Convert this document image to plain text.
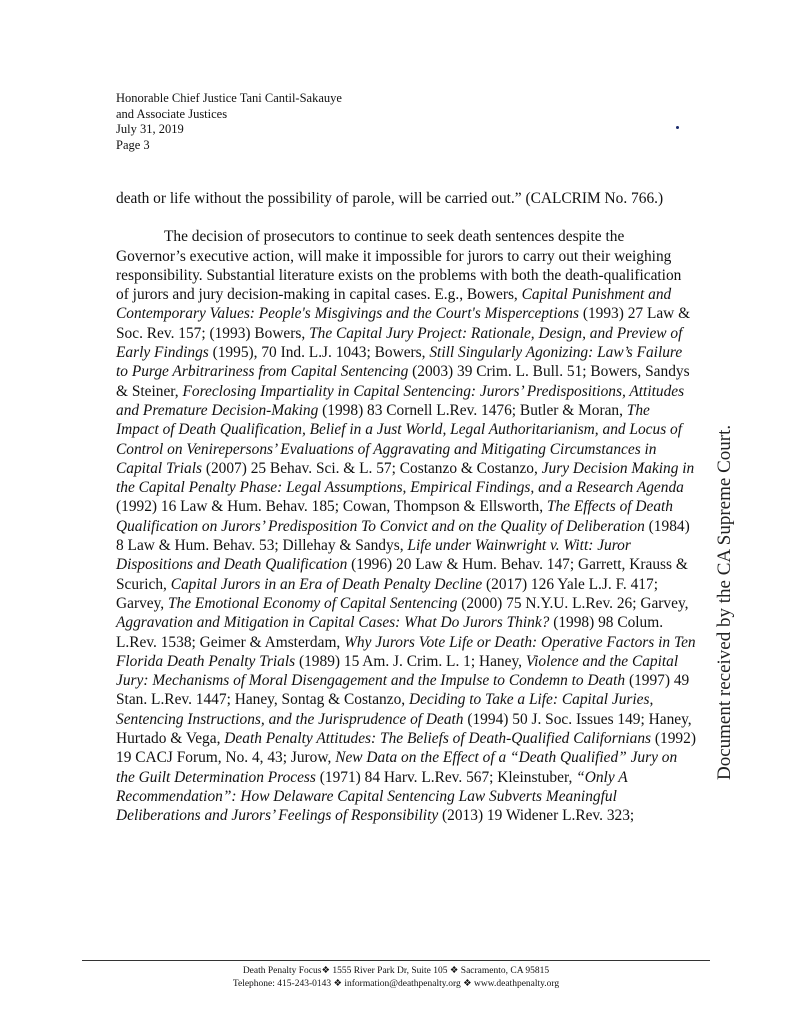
Honorable Chief Justice Tani Cantil-Sakauye
and Associate Justices
July 31, 2019
Page 3

death or life without the possibility of parole, will be carried out.” (CALCRIM No. 766.)

The decision of prosecutors to continue to seek death sentences despite the Governor’s executive action, will make it impossible for jurors to carry out their weighing responsibility. Substantial literature exists on the problems with both the death-qualification of jurors and jury decision-making in capital cases. E.g., Bowers, Capital Punishment and Contemporary Values: People's Misgivings and the Court's Misperceptions (1993) 27 Law & Soc. Rev. 157; (1993) Bowers, The Capital Jury Project: Rationale, Design, and Preview of Early Findings (1995), 70 Ind. L.J. 1043; Bowers, Still Singularly Agonizing: Law’s Failure to Purge Arbitrariness from Capital Sentencing (2003) 39 Crim. L. Bull. 51; Bowers, Sandys & Steiner, Foreclosing Impartiality in Capital Sentencing: Jurors’ Predispositions, Attitudes and Premature Decision-Making (1998) 83 Cornell L.Rev. 1476; Butler & Moran, The Impact of Death Qualification, Belief in a Just World, Legal Authoritarianism, and Locus of Control on Venirepersons’ Evaluations of Aggravating and Mitigating Circumstances in Capital Trials (2007) 25 Behav. Sci. & L. 57; Costanzo & Costanzo, Jury Decision Making in the Capital Penalty Phase: Legal Assumptions, Empirical Findings, and a Research Agenda (1992) 16 Law & Hum. Behav. 185; Cowan, Thompson & Ellsworth, The Effects of Death Qualification on Jurors’ Predisposition To Convict and on the Quality of Deliberation (1984) 8 Law & Hum. Behav. 53; Dillehay & Sandys, Life under Wainwright v. Witt: Juror Dispositions and Death Qualification (1996) 20 Law & Hum. Behav. 147; Garrett, Krauss & Scurich, Capital Jurors in an Era of Death Penalty Decline (2017) 126 Yale L.J. F. 417; Garvey, The Emotional Economy of Capital Sentencing (2000) 75 N.Y.U. L.Rev. 26; Garvey, Aggravation and Mitigation in Capital Cases: What Do Jurors Think? (1998) 98 Colum. L.Rev. 1538; Geimer & Amsterdam, Why Jurors Vote Life or Death: Operative Factors in Ten Florida Death Penalty Trials (1989) 15 Am. J. Crim. L. 1; Haney, Violence and the Capital Jury: Mechanisms of Moral Disengagement and the Impulse to Condemn to Death (1997) 49 Stan. L.Rev. 1447; Haney, Sontag & Costanzo, Deciding to Take a Life: Capital Juries, Sentencing Instructions, and the Jurisprudence of Death (1994) 50 J. Soc. Issues 149; Haney, Hurtado & Vega, Death Penalty Attitudes: The Beliefs of Death-Qualified Californians (1992) 19 CACJ Forum, No. 4, 43; Jurow, New Data on the Effect of a “Death Qualified” Jury on the Guilt Determination Process (1971) 84 Harv. L.Rev. 567; Kleinstuber, “Only A Recommendation”: How Delaware Capital Sentencing Law Subverts Meaningful Deliberations and Jurors’ Feelings of Responsibility (2013) 19 Widener L.Rev. 323;

Document received by the CA Supreme Court.
Death Penalty Focus❖ 1555 River Park Dr, Suite 105 ❖ Sacramento, CA 95815
Telephone: 415-243-0143 ❖ information@deathpenalty.org ❖ www.deathpenalty.org
